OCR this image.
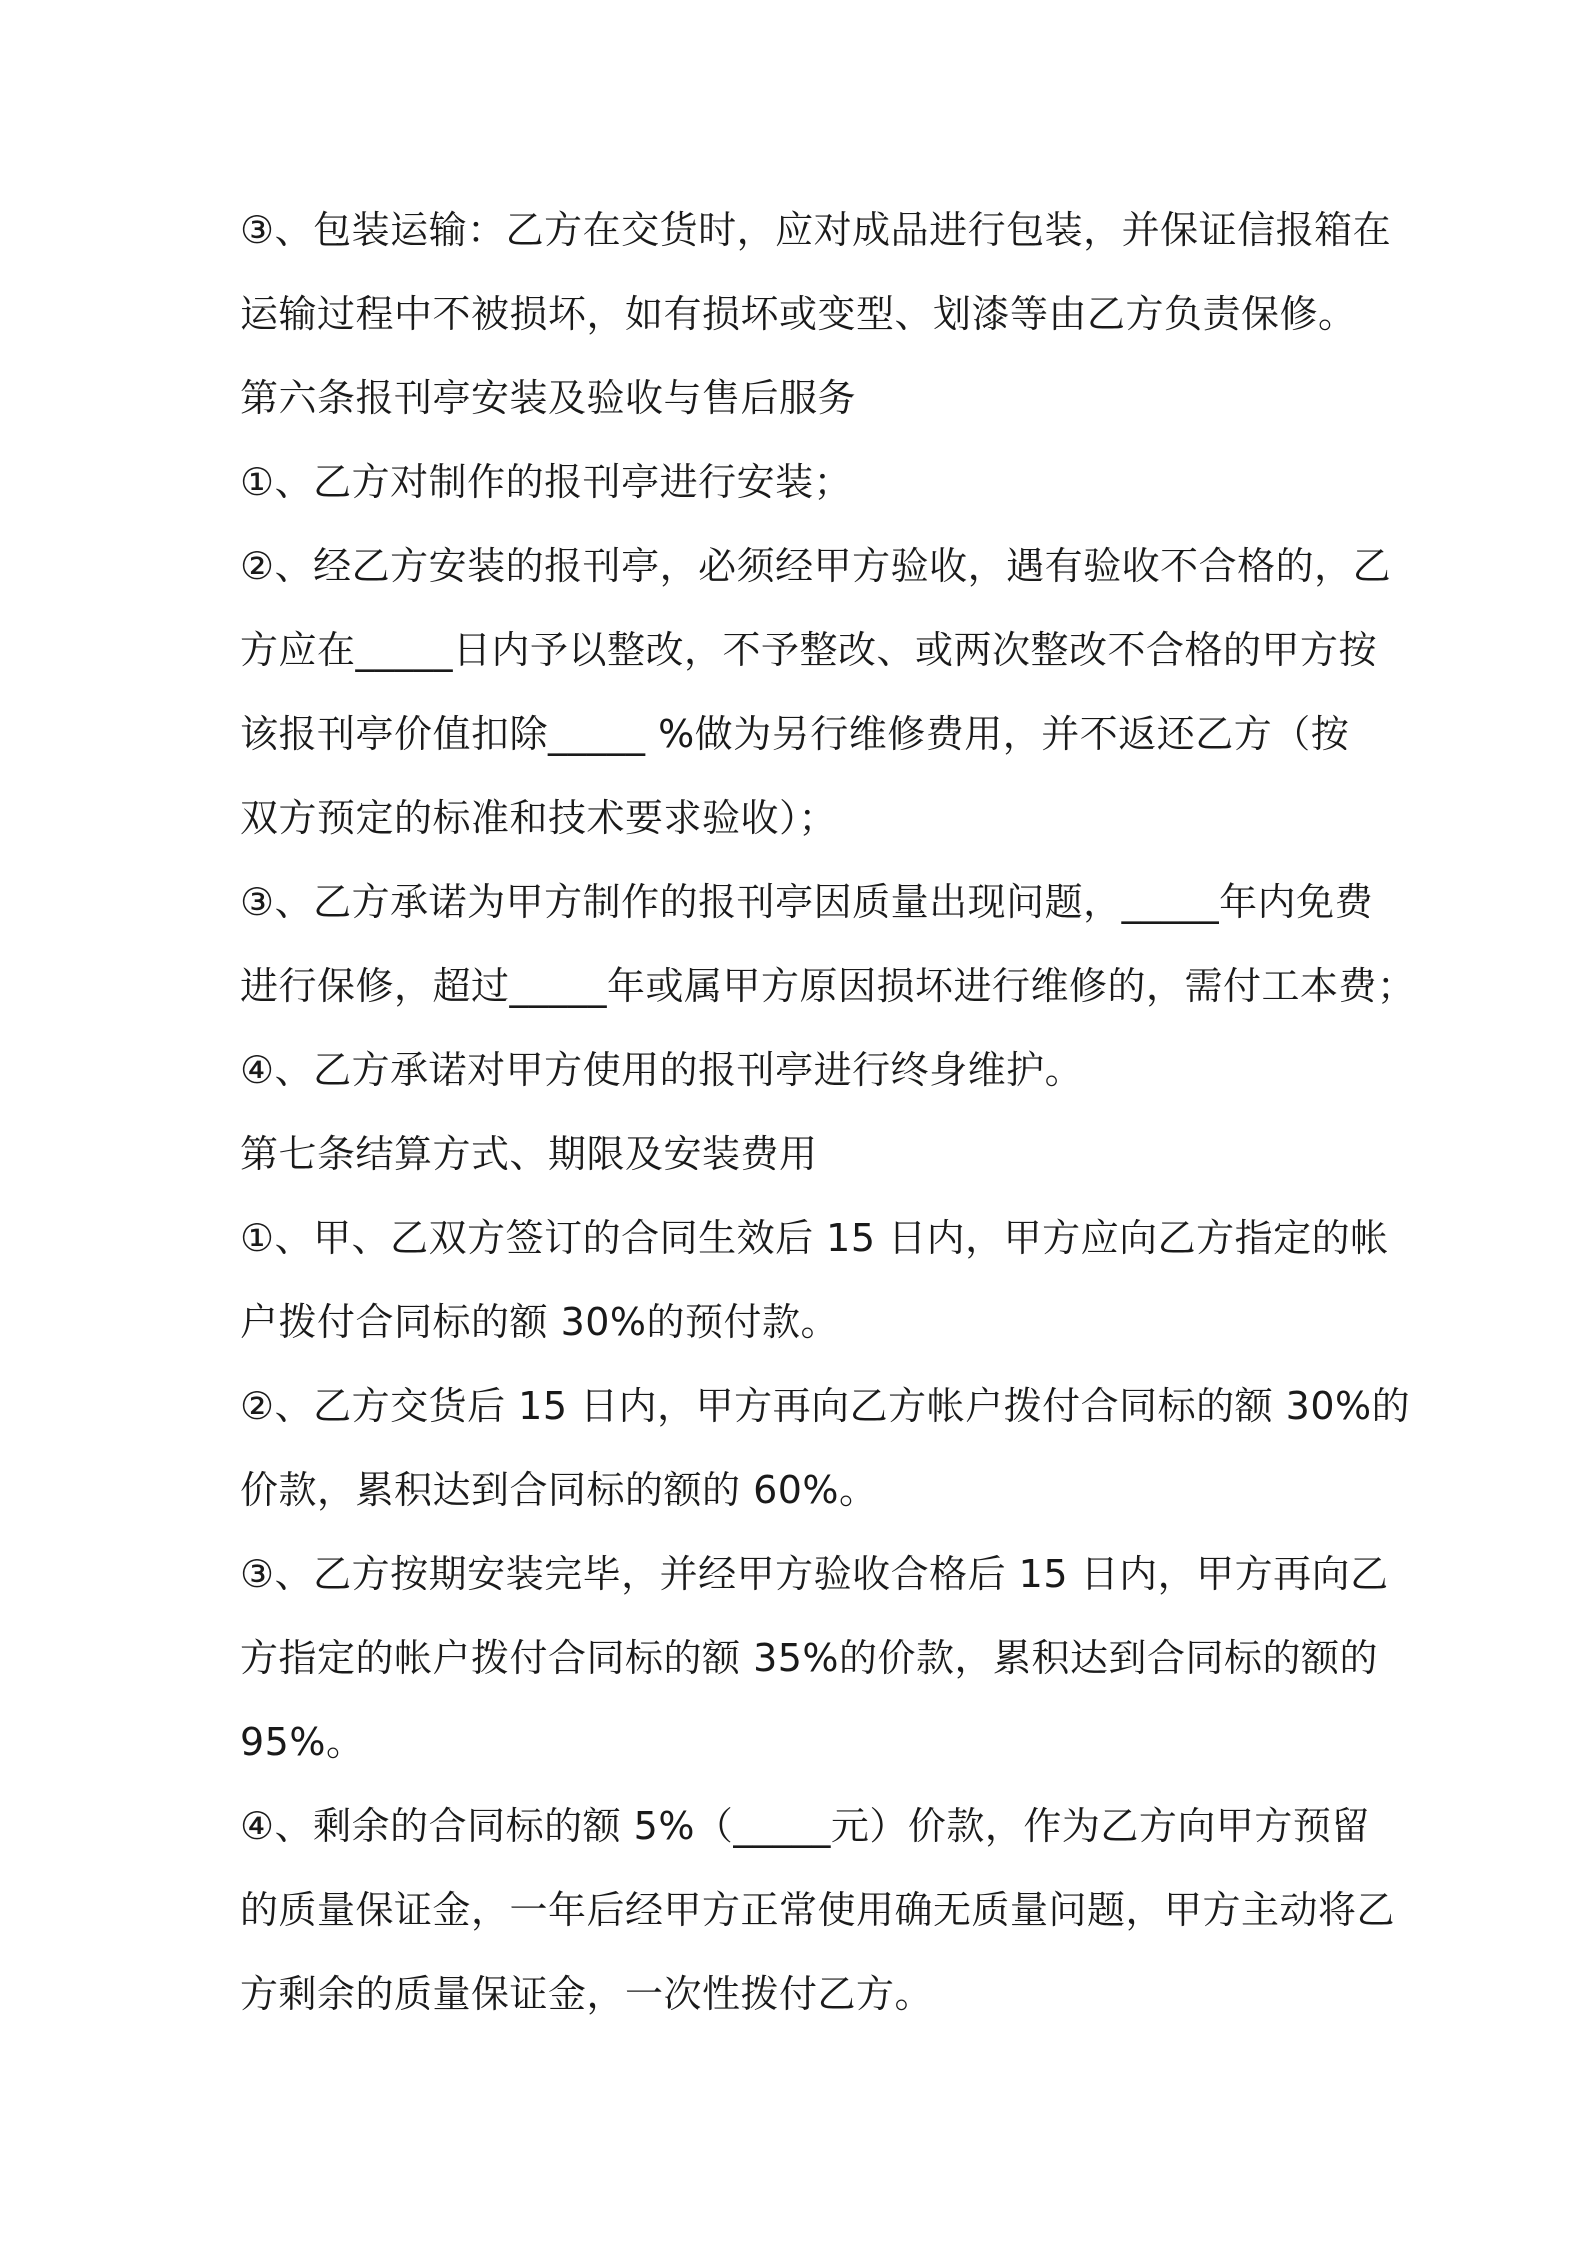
③、包装运输：乙方在交货时，应对成品进行包装，并保证信报箱在
运输过程中不被损坏，如有损坏或变型、划漆等由乙方负责保修。
第六条报刊亭安装及验收与售后服务
①、乙方对制作的报刊亭进行安装；
②、经乙方安装的报刊亭，必须经甲方验收，遇有验收不合格的，乙
方应在_____日内予以整改，不予整改、或两次整改不合格的甲方按
该报刊亭价值扣除_____ %做为另行维修费用，并不返还乙方（按
双方预定的标准和技术要求验收）；
③、乙方承诺为甲方制作的报刊亭因质量出现问题，_____年内免费
进行保修，超过_____年或属甲方原因损坏进行维修的，需付工本费；
④、乙方承诺对甲方使用的报刊亭进行终身维护。
第七条结算方式、期限及安装费用
①、甲、乙双方签订的合同生效后 15 日内，甲方应向乙方指定的帐
户拨付合同标的额 30%的预付款。
②、乙方交货后 15 日内，甲方再向乙方帐户拨付合同标的额 30%的
价款，累积达到合同标的额的 60%。
③、乙方按期安装完毕，并经甲方验收合格后 15 日内，甲方再向乙
方指定的帐户拨付合同标的额 35%的价款，累积达到合同标的额的
95%。
④、剩余的合同标的额 5%（_____元）价款，作为乙方向甲方预留
的质量保证金，一年后经甲方正常使用确无质量问题，甲方主动将乙
方剩余的质量保证金，一次性拨付乙方。
